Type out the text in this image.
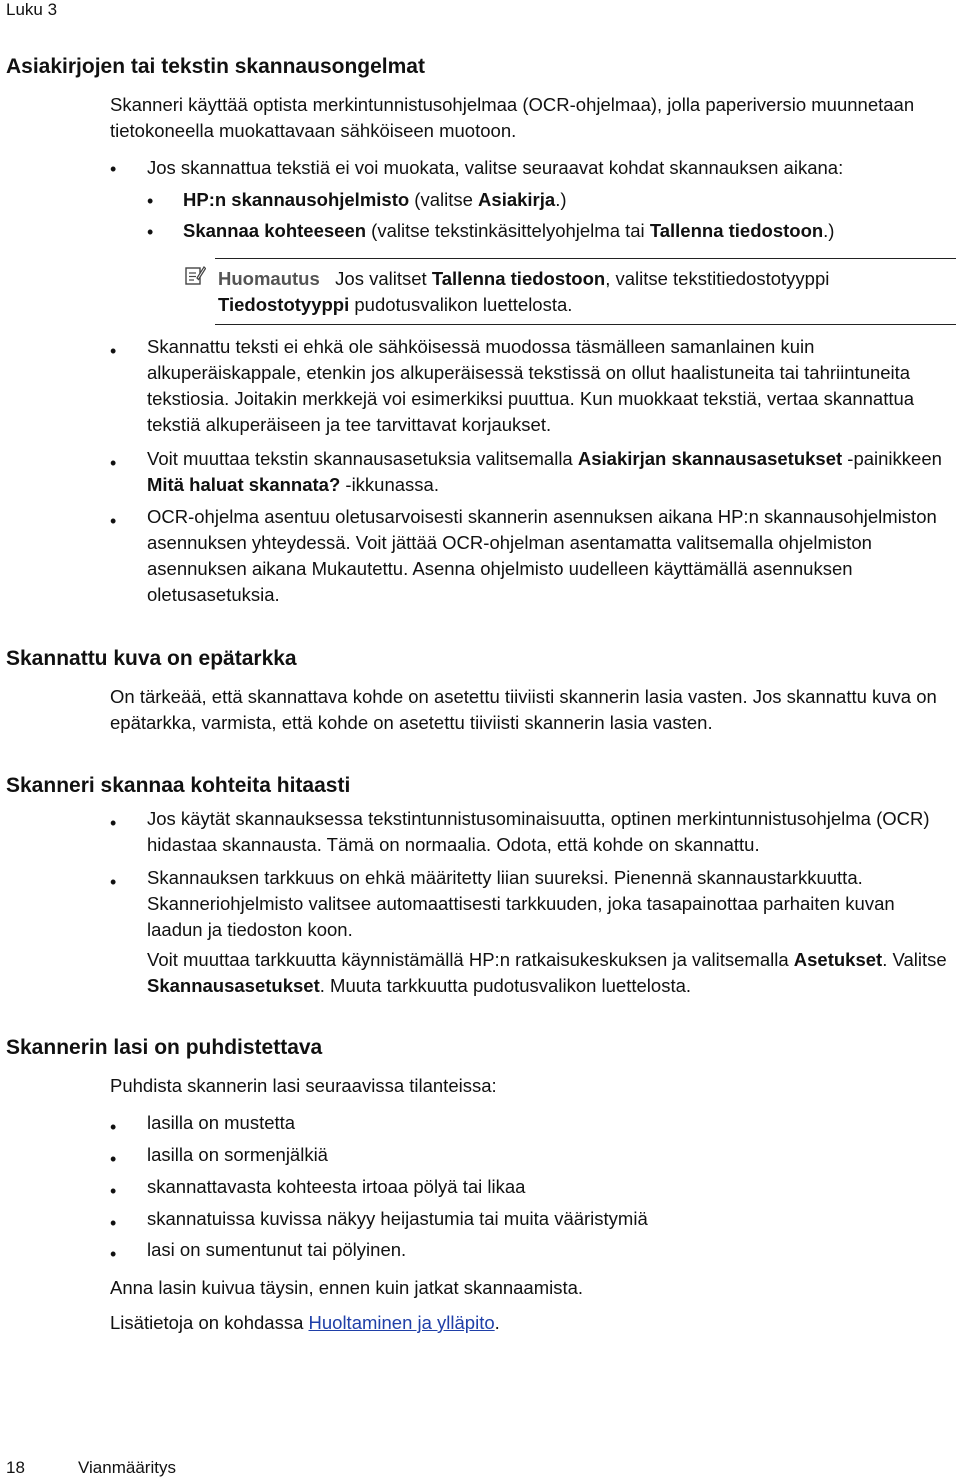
Luku 3
Asiakirjojen tai tekstin skannausongelmat
Skanneri käyttää optista merkintunnistusohjelmaa (OCR-ohjelmaa), jolla paperiversio muunnetaan tietokoneella muokattavaan sähköiseen muotoon.
• Jos skannattua tekstiä ei voi muokata, valitse seuraavat kohdat skannauksen aikana:
• HP:n skannausohjelmisto (valitse Asiakirja.)
• Skannaa kohteeseen (valitse tekstinkäsittelyohjelma tai Tallenna tiedostoon.)
Huomautus Jos valitset Tallenna tiedostoon, valitse tekstitiedostotyyppi Tiedostotyyppi pudotusvalikon luettelosta.
• Skannattu teksti ei ehkä ole sähköisessä muodossa täsmälleen samanlainen kuin alkuperäiskappale, etenkin jos alkuperäisessä tekstissä on ollut haalistuneita tai tahriintuneita tekstiosia. Joitakin merkkejä voi esimerkiksi puuttua. Kun muokkaat tekstiä, vertaa skannattua tekstiä alkuperäiseen ja tee tarvittavat korjaukset.
• Voit muuttaa tekstin skannausasetuksia valitsemalla Asiakirjan skannausasetukset -painikkeen Mitä haluat skannata? -ikkunassa.
• OCR-ohjelma asentuu oletusarvoisesti skannerin asennuksen aikana HP:n skannausohjelmiston asennuksen yhteydessä. Voit jättää OCR-ohjelman asentamatta valitsemalla ohjelmiston asennuksen aikana Mukautettu. Asenna ohjelmisto uudelleen käyttämällä asennuksen oletusasetuksia.
Skannattu kuva on epätarkka
On tärkeää, että skannattava kohde on asetettu tiiviisti skannerin lasia vasten. Jos skannattu kuva on epätarkka, varmista, että kohde on asetettu tiiviisti skannerin lasia vasten.
Skanneri skannaa kohteita hitaasti
• Jos käytät skannauksessa tekstintunnistusominaisuutta, optinen merkintunnistusohjelma (OCR) hidastaa skannausta. Tämä on normaalia. Odota, että kohde on skannattu.
• Skannauksen tarkkuus on ehkä määritetty liian suureksi. Pienennä skannaustarkkuutta. Skanneriohjelmisto valitsee automaattisesti tarkkuuden, joka tasapainottaa parhaiten kuvan laadun ja tiedoston koon.
Voit muuttaa tarkkuutta käynnistämällä HP:n ratkaisukeskuksen ja valitsemalla Asetukset. Valitse Skannausasetukset. Muuta tarkkuutta pudotusvalikon luettelosta.
Skannerin lasi on puhdistettava
Puhdista skannerin lasi seuraavissa tilanteissa:
• lasilla on mustetta
• lasilla on sormenjälkiä
• skannattavasta kohteesta irtoaa pölyä tai likaa
• skannatuissa kuvissa näkyy heijastumia tai muita vääristymiä
• lasi on sumentunut tai pölyinen.
Anna lasin kuivua täysin, ennen kuin jatkat skannaamista.
Lisätietoja on kohdassa Huoltaminen ja ylläpito.
18	Vianmääritys
